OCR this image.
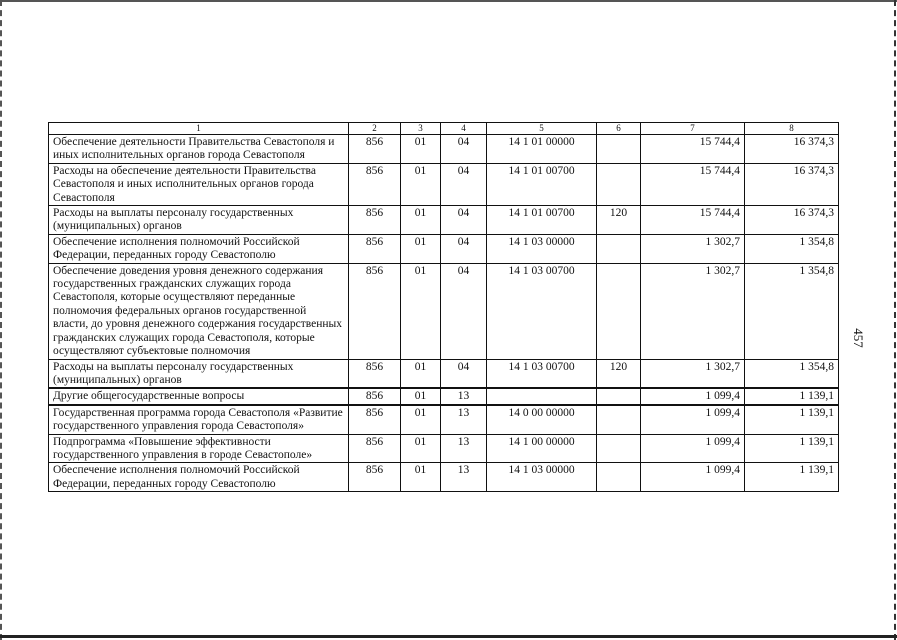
457
1	2	3	4	5	6	7	8
Обеспечение деятельности Правительства Севастополя и иных исполнительных органов города Севастополя	856	01	04	14 1 01 00000		15 744,4	16 374,3
Расходы на обеспечение деятельности Правительства Севастополя и иных исполнительных органов города Севастополя	856	01	04	14 1 01 00700		15 744,4	16 374,3
Расходы на выплаты персоналу государственных (муниципальных) органов	856	01	04	14 1 01 00700	120	15 744,4	16 374,3
Обеспечение исполнения полномочий Российской Федерации, переданных городу Севастополю	856	01	04	14 1 03 00000		1 302,7	1 354,8
Обеспечение доведения уровня денежного содержания государственных гражданских служащих города Севастополя, которые осуществляют переданные полномочия федеральных органов государственной власти, до уровня денежного содержания государственных гражданских служащих города Севастополя, которые осуществляют субъектовые полномочия	856	01	04	14 1 03 00700		1 302,7	1 354,8
Расходы на выплаты персоналу государственных (муниципальных) органов	856	01	04	14 1 03 00700	120	1 302,7	1 354,8
Другие общегосударственные вопросы	856	01	13			1 099,4	1 139,1
Государственная программа города Севастополя «Развитие государственного управления города Севастополя»	856	01	13	14 0 00 00000		1 099,4	1 139,1
Подпрограмма «Повышение эффективности государственного управления в городе Севастополе»	856	01	13	14 1 00 00000		1 099,4	1 139,1
Обеспечение исполнения полномочий Российской Федерации, переданных городу Севастополю	856	01	13	14 1 03 00000		1 099,4	1 139,1
